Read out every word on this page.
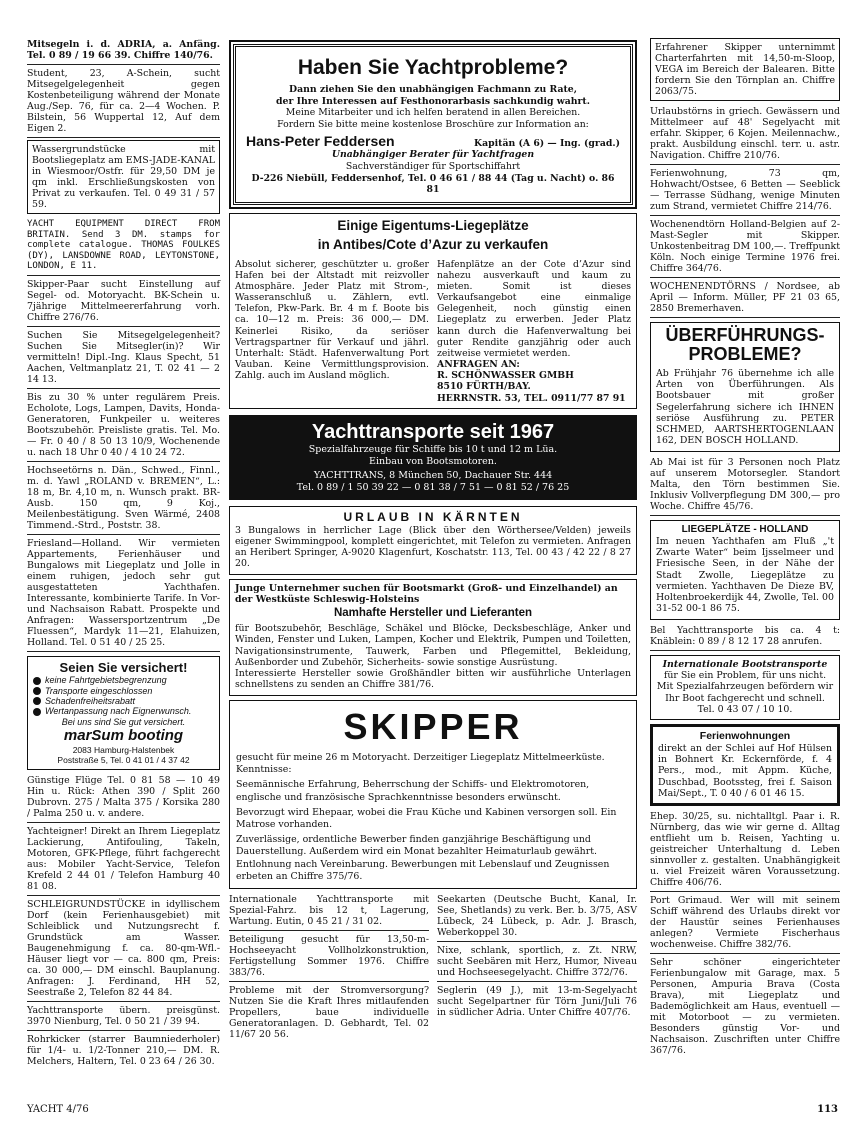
Mitsegeln i. d. ADRIA, a. Anfäng. Tel. 0 89 / 19 66 39. Chiffre 140/76.

Student, 23, A-Schein, sucht Mitsegelgelegenheit gegen Kostenbeteiligung während der Monate Aug./Sep. 76, für ca. 2—4 Wochen. P. Bilstein, 56 Wuppertal 12, Auf dem Eigen 2.

Wassergrundstücke mit Bootsliegeplatz am EMS-JADE-KANAL in Wiesmoor/Ostfr. für 29,50 DM je qm inkl. Erschließungskosten von Privat zu verkaufen. Tel. 0 49 31 / 57 59.

YACHT EQUIPMENT DIRECT FROM BRITAIN. Send 3 DM. stamps for complete catalogue. THOMAS FOULKES (DY), LANSDOWNE ROAD, LEYTONSTONE, LONDON, E 11.

Skipper-Paar sucht Einstellung auf Segel- od. Motoryacht. BK-Schein u. 7jährige Mittelmeererfahrung vorh. Chiffre 276/76.

Suchen Sie Mitsegelgelegenheit? Suchen Sie Mitsegler(in)? Wir vermitteln! Dipl.-Ing. Klaus Specht, 51 Aachen, Veltmanplatz 21, T. 02 41 — 2 14 13.

Bis zu 30 % unter regulärem Preis. Echolote, Logs, Lampen, Davits, Honda-Generatoren, Funkpeiler u. weiteres Bootszubehör. Preisliste gratis. Tel. Mo. — Fr. 0 40 / 8 50 13 10/9, Wochenende u. nach 18 Uhr 0 40 / 4 10 24 72.

Hochseetörns n. Dän., Schwed., Finnl., m. d. Yawl „ROLAND v. BREMEN“, L.: 18 m, Br. 4,10 m, n. Wunsch prakt. BR-Ausb. 150 qm, 9 Koj., Meilenbestätigung. Sven Wärmé, 2408 Timmend.-Strd., Poststr. 38.

Friesland—Holland. Wir vermieten Appartements, Ferienhäuser und Bungalows mit Liegeplatz und Jolle in einem ruhigen, jedoch sehr gut ausgestatteten Yachthafen. Interessante, kombinierte Tarife. In Vor- und Nachsaison Rabatt. Prospekte und Anfragen: Wassersportzentrum „De Fluessen“, Mardyk 11—21, Elahuizen, Holland. Tel. 0 51 40 / 25 25.

Seien Sie versichert!
keine Fahrtgebietsbegrenzung
Transporte eingeschlossen
Schadenfreiheitsrabatt
Wertanpassung nach Eignerwunsch.
Bei uns sind Sie gut versichert.
marSum booting
2083 Hamburg-Halstenbek
Poststraße 5, Tel. 0 41 01 / 4 37 42

Günstige Flüge Tel. 0 81 58 — 10 49 Hin u. Rück: Athen 390 / Split 260 Dubrovn. 275 / Malta 375 / Korsika 280 / Palma 250 u. v. andere.

Yachteigner! Direkt an Ihrem Liegeplatz Lackierung, Antifouling, Takeln, Motoren, GFK-Pflege, führt fachgerecht aus: Mobiler Yacht-Service, Telefon Krefeld 2 44 01 / Telefon Hamburg 40 81 08.

SCHLEIGRUNDSTÜCKE in idyllischem Dorf (kein Ferienhausgebiet) mit Schleiblick und Nutzungsrecht f. Grundstück am Wasser. Baugenehmigung f. ca. 80-qm-Wfl.-Häuser liegt vor — ca. 800 qm, Preis: ca. 30 000,— DM einschl. Bauplanung. Anfragen: J. Ferdinand, HH 52, Seestraße 2, Telefon 82 44 84.

Yachttransporte übern. preisgünst. 3970 Nienburg, Tel. 0 50 21 / 39 94.

Rohrkicker (starrer Baumniederholer) für 1/4- u. 1/2-Tonner 210,— DM. R. Melchers, Haltern, Tel. 0 23 64 / 26 30.

Haben Sie Yachtprobleme?
Dann ziehen Sie den unabhängigen Fachmann zu Rate,
der Ihre Interessen auf Festhonorarbasis sachkundig wahrt.
Meine Mitarbeiter und ich helfen beratend in allen Bereichen.
Fordern Sie bitte meine kostenlose Broschüre zur Information an:
Hans-Peter Feddersen	Kapitän (A 6) — Ing. (grad.)
Unabhängiger Berater für Yachtfragen
Sachverständiger für Sportschiffahrt
D-226 Niebüll, Feddersenhof, Tel. 0 46 61 / 88 44 (Tag u. Nacht) o. 86 81
Einige Eigentums-Liegeplätze
in Antibes/Cote d’Azur zu verkaufen
Absolut sicherer, geschützter u. großer Hafen bei der Altstadt mit reizvoller Atmosphäre. Jeder Platz mit Strom-, Wasseranschluß u. Zählern, evtl. Telefon, Pkw-Park. Br. 4 m f. Boote bis ca. 10—12 m. Preis: 36 000,— DM. Keinerlei Risiko, da seriöser Vertragspartner für Verkauf und jährl. Unterhalt: Städt. Hafenverwaltung Port Vauban. Keine Vermittlungsprovision. Zahlg. auch im Ausland möglich.
Hafenplätze an der Cote d’Azur sind nahezu ausverkauft und kaum zu mieten. Somit ist dieses Verkaufsangebot eine einmalige Gelegenheit, noch günstig einen Liegeplatz zu erwerben. Jeder Platz kann durch die Hafenverwaltung bei guter Rendite ganzjährig oder auch zeitweise vermietet werden.
ANFRAGEN AN:
R. SCHÖNWASSER GMBH
8510 FÜRTH/BAY.
HERRNSTR. 53, TEL. 0911/77 87 91
Yachttransporte seit 1967
Spezialfahrzeuge für Schiffe bis 10 t und 12 m Lüa.
Einbau von Bootsmotoren.
YACHTTRANS, 8 München 50, Dachauer Str. 444
Tel. 0 89 / 1 50 39 22 — 0 81 38 / 7 51 — 0 81 52 / 76 25
URLAUB IN KÄRNTEN
3 Bungalows in herrlicher Lage (Blick über den Wörthersee/Velden) jeweils eigener Swimmingpool, komplett eingerichtet, mit Telefon zu vermieten. Anfragen an Heribert Springer, A-9020 Klagenfurt, Koschatstr. 113, Tel. 00 43 / 42 22 / 8 27 20.
Junge Unternehmer suchen für Bootsmarkt (Groß- und Einzelhandel) an der Westküste Schleswig-Holsteins
Namhafte Hersteller und Lieferanten
für Bootszubehör, Beschläge, Schäkel und Blöcke, Decksbeschläge, Anker und Winden, Fenster und Luken, Lampen, Kocher und Elektrik, Pumpen und Toiletten, Navigationsinstrumente, Tauwerk, Farben und Pflegemittel, Bekleidung, Außenborder und Zubehör, Sicherheits- sowie sonstige Ausrüstung.
Interessierte Hersteller sowie Großhändler bitten wir ausführliche Unterlagen schnellstens zu senden an Chiffre 381/76.
SKIPPER

gesucht für meine 26 m Motoryacht. Derzeitiger Liegeplatz Mittelmeerküste. Kenntnisse:

Seemännische Erfahrung, Beherrschung der Schiffs- und Elektromotoren, englische und französische Sprachkenntnisse besonders erwünscht.

Bevorzugt wird Ehepaar, wobei die Frau Küche und Kabinen versorgen soll. Ein Matrose vorhanden.

Zuverlässige, ordentliche Bewerber finden ganzjährige Beschäftigung und Dauerstellung. Außerdem wird ein Monat bezahlter Heimaturlaub gewährt. Entlohnung nach Vereinbarung. Bewerbungen mit Lebenslauf und Zeugnissen erbeten an Chiffre 375/76.

Internationale Yachttransporte mit Spezial-Fahrz. bis 12 t, Lagerung, Wartung. Eutin, 0 45 21 / 31 02.

Beteiligung gesucht für 13,50-m-Hochseeyacht Vollholzkonstruktion, Fertigstellung Sommer 1976. Chiffre 383/76.

Probleme mit der Stromversorgung? Nutzen Sie die Kraft Ihres mitlaufenden Propellers, baue individuelle Generatoranlagen. D. Gebhardt, Tel. 02 11/67 20 56.

Seekarten (Deutsche Bucht, Kanal, Ir. See, Shetlands) zu verk. Ber. b. 3/75, ASV Lübeck, 24 Lübeck, p. Adr. J. Brasch, Weberkoppel 30.

Nixe, schlank, sportlich, z. Zt. NRW, sucht Seebären mit Herz, Humor, Niveau und Hochseesegelyacht. Chiffre 372/76.

Seglerin (49 J.), mit 13-m-Segelyacht sucht Segelpartner für Törn Juni/Juli 76 in südlicher Adria. Unter Chiffre 407/76.

Erfahrener Skipper unternimmt Charterfahrten mit 14,50-m-Sloop, VEGA im Bereich der Balearen. Bitte fordern Sie den Törnplan an. Chiffre 2063/75.

Urlaubstörns in griech. Gewässern und Mittelmeer auf 48' Segelyacht mit erfahr. Skipper, 6 Kojen. Meilennachw., prakt. Ausbildung einschl. terr. u. astr. Navigation. Chiffre 210/76.

Ferienwohnung, 73 qm, Hohwacht/Ostsee, 6 Betten — Seeblick — Terrasse Südhang, wenige Minuten zum Strand, vermietet Chiffre 214/76.

Wochenendtörn Holland-Belgien auf 2-Mast-Segler mit Skipper. Unkostenbeitrag DM 100,—. Treffpunkt Köln. Noch einige Termine 1976 frei. Chiffre 364/76.

WOCHENENDTÖRNS / Nordsee, ab April — Inform. Müller, PF 21 03 65, 2850 Bremerhaven.

ÜBERFÜHRUNGS-PROBLEME?
Ab Frühjahr 76 übernehme ich alle Arten von Überführungen. Als Bootsbauer mit großer Segelerfahrung sichere ich IHNEN seriöse Ausführung zu. PETER SCHMED, AARTSHERTOGENLAAN 162, DEN BOSCH HOLLAND.

Ab Mai ist für 3 Personen noch Platz auf unserem Motorsegler. Standort Malta, den Törn bestimmen Sie. Inklusiv Vollverpflegung DM 300,— pro Woche. Chiffre 45/76.

LIEGEPLÄTZE - HOLLAND
Im neuen Yachthafen am Fluß „'t Zwarte Water“ beim Ijsselmeer und Friesische Seen, in der Nähe der Stadt Zwolle, Liegeplätze zu vermieten. Yachthaven De Dieze BV, Holtenbroekerdijk 44, Zwolle, Tel. 00 31-52 00-1 86 75.

Bel Yachttransporte bis ca. 4 t: Knäblein: 0 89 / 8 12 17 28 anrufen.

Internationale Bootstransporte
für Sie ein Problem, für uns nicht. Mit Spezialfahrzeugen befördern wir Ihr Boot fachgerecht und schnell. Tel. 0 43 07 / 10 10.
Ferienwohnungen
direkt an der Schlei auf Hof Hülsen in Bohnert Kr. Eckernförde, f. 4 Pers., mod., mit Appm. Küche, Duschbad, Bootssteg, frei f. Saison Mai/Sept., T. 0 40 / 6 01 46 15.

Ehep. 30/25, su. nichtalltgl. Paar i. R. Nürnberg, das wie wir gerne d. Alltag entflieht um b. Reisen, Yachting u. geistreicher Unterhaltung d. Leben sinnvoller z. gestalten. Unabhängigkeit u. viel Freizeit wären Voraussetzung. Chiffre 406/76.

Port Grimaud. Wer will mit seinem Schiff während des Urlaubs direkt vor der Haustür seines Ferienhauses anlegen? Vermiete Fischerhaus wochenweise. Chiffre 382/76.

Sehr schöner eingerichteter Ferienbungalow mit Garage, max. 5 Personen, Ampuria Brava (Costa Brava), mit Liegeplatz und Bademöglichkeit am Haus, eventuell — mit Motorboot — zu vermieten. Besonders günstig Vor- und Nachsaison. Zuschriften unter Chiffre 367/76.

YACHT 4/76	113
